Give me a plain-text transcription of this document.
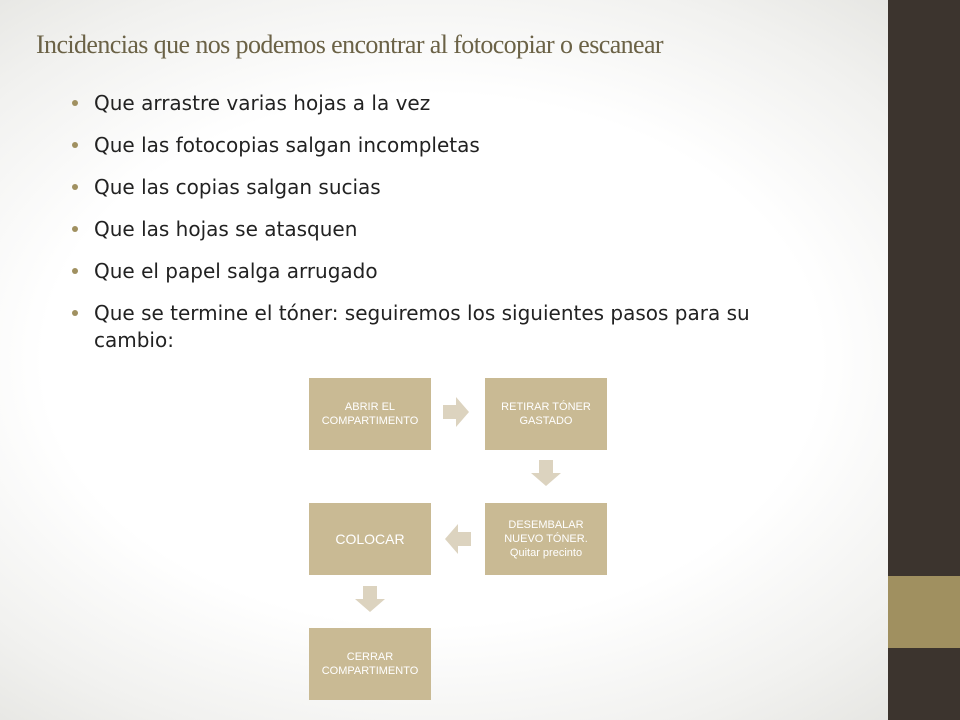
Incidencias que nos podemos encontrar al fotocopiar o escanear
Que arrastre varias hojas a la vez
Que las fotocopias salgan incompletas
Que las copias salgan sucias
Que las hojas se atasquen
Que el papel salga arrugado
Que se termine el tóner: seguiremos los siguientes pasos para su cambio:
ABRIR EL COMPARTIMENTO
RETIRAR TÓNER GASTADO
DESEMBALAR NUEVO TÓNER. Quitar precinto
COLOCAR
CERRAR COMPARTIMENTO
